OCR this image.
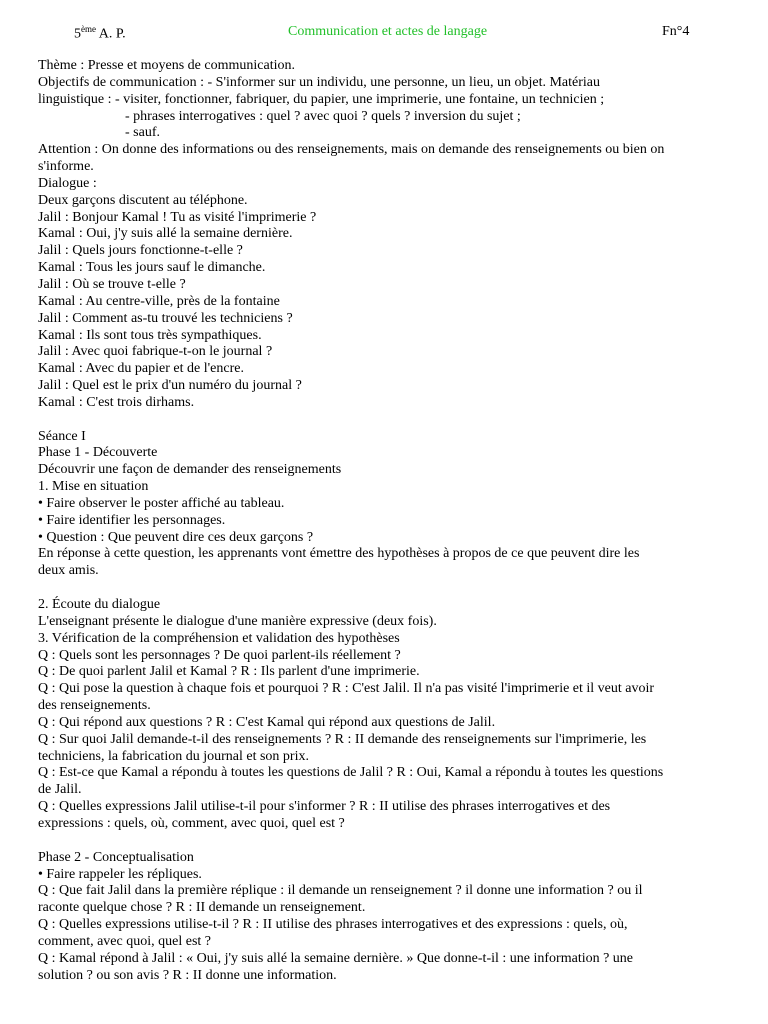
5ème A. P.	Communication et actes de langage	Fn°4
Thème : Presse et moyens de communication.
Objectifs de communication : - S'informer sur un individu, une personne, un lieu, un objet. Matériau
linguistique : - visiter, fonctionner, fabriquer, du papier, une imprimerie, une fontaine, un technicien ;
- phrases interrogatives : quel ? avec quoi ? quels ? inversion du sujet ;
- sauf.
Attention : On donne des informations ou des renseignements, mais on demande des renseignements ou bien on
s'informe.
Dialogue :
Deux garçons discutent au téléphone.
Jalil : Bonjour Kamal ! Tu as visité l'imprimerie ?
Kamal : Oui, j'y suis allé la semaine dernière.
Jalil : Quels jours fonctionne-t-elle ?
Kamal : Tous les jours sauf le dimanche.
Jalil : Où se trouve t-elle ?
Kamal : Au centre-ville, près de la fontaine
Jalil : Comment as-tu trouvé les techniciens ?
Kamal : Ils sont tous très sympathiques.
Jalil : Avec quoi fabrique-t-on le journal ?
Kamal : Avec du papier et de l'encre.
Jalil : Quel est le prix d'un numéro du journal ?
Kamal : C'est trois dirhams.
Séance I
Phase 1 - Découverte
Découvrir une façon de demander des renseignements
1. Mise en situation
• Faire observer le poster affiché au tableau.
• Faire identifier les personnages.
• Question : Que peuvent dire ces deux garçons ?
En réponse à cette question, les apprenants vont émettre des hypothèses à propos de ce que peuvent dire les
deux amis.
2. Écoute du dialogue
L'enseignant présente le dialogue d'une manière expressive (deux fois).
3. Vérification de la compréhension et validation des hypothèses
Q : Quels sont les personnages ? De quoi parlent-ils réellement ?
Q : De quoi parlent Jalil et Kamal ? R : Ils parlent d'une imprimerie.
Q : Qui pose la question à chaque fois et pourquoi ? R : C'est Jalil. Il n'a pas visité l'imprimerie et il veut avoir
des renseignements.
Q : Qui répond aux questions ? R : C'est Kamal qui répond aux questions de Jalil.
Q : Sur quoi Jalil demande-t-il des renseignements ? R : II demande des renseignements sur l'imprimerie, les
techniciens, la fabrication du journal et son prix.
Q : Est-ce que Kamal a répondu à toutes les questions de Jalil ? R : Oui, Kamal a répondu à toutes les questions
de Jalil.
Q : Quelles expressions Jalil utilise-t-il pour s'informer ? R : II utilise des phrases interrogatives et des
expressions : quels, où, comment, avec quoi, quel est ?
Phase 2 - Conceptualisation
• Faire rappeler les répliques.
Q : Que fait Jalil dans la première réplique : il demande un renseignement ? il donne une information ? ou il
raconte quelque chose ? R : II demande un renseignement.
Q : Quelles expressions utilise-t-il ? R : II utilise des phrases interrogatives et des expressions : quels, où,
comment, avec quoi, quel est ?
Q : Kamal répond à Jalil : « Oui, j'y suis allé la semaine dernière. » Que donne-t-il : une information ? une
solution ? ou son avis ? R : II donne une information.
